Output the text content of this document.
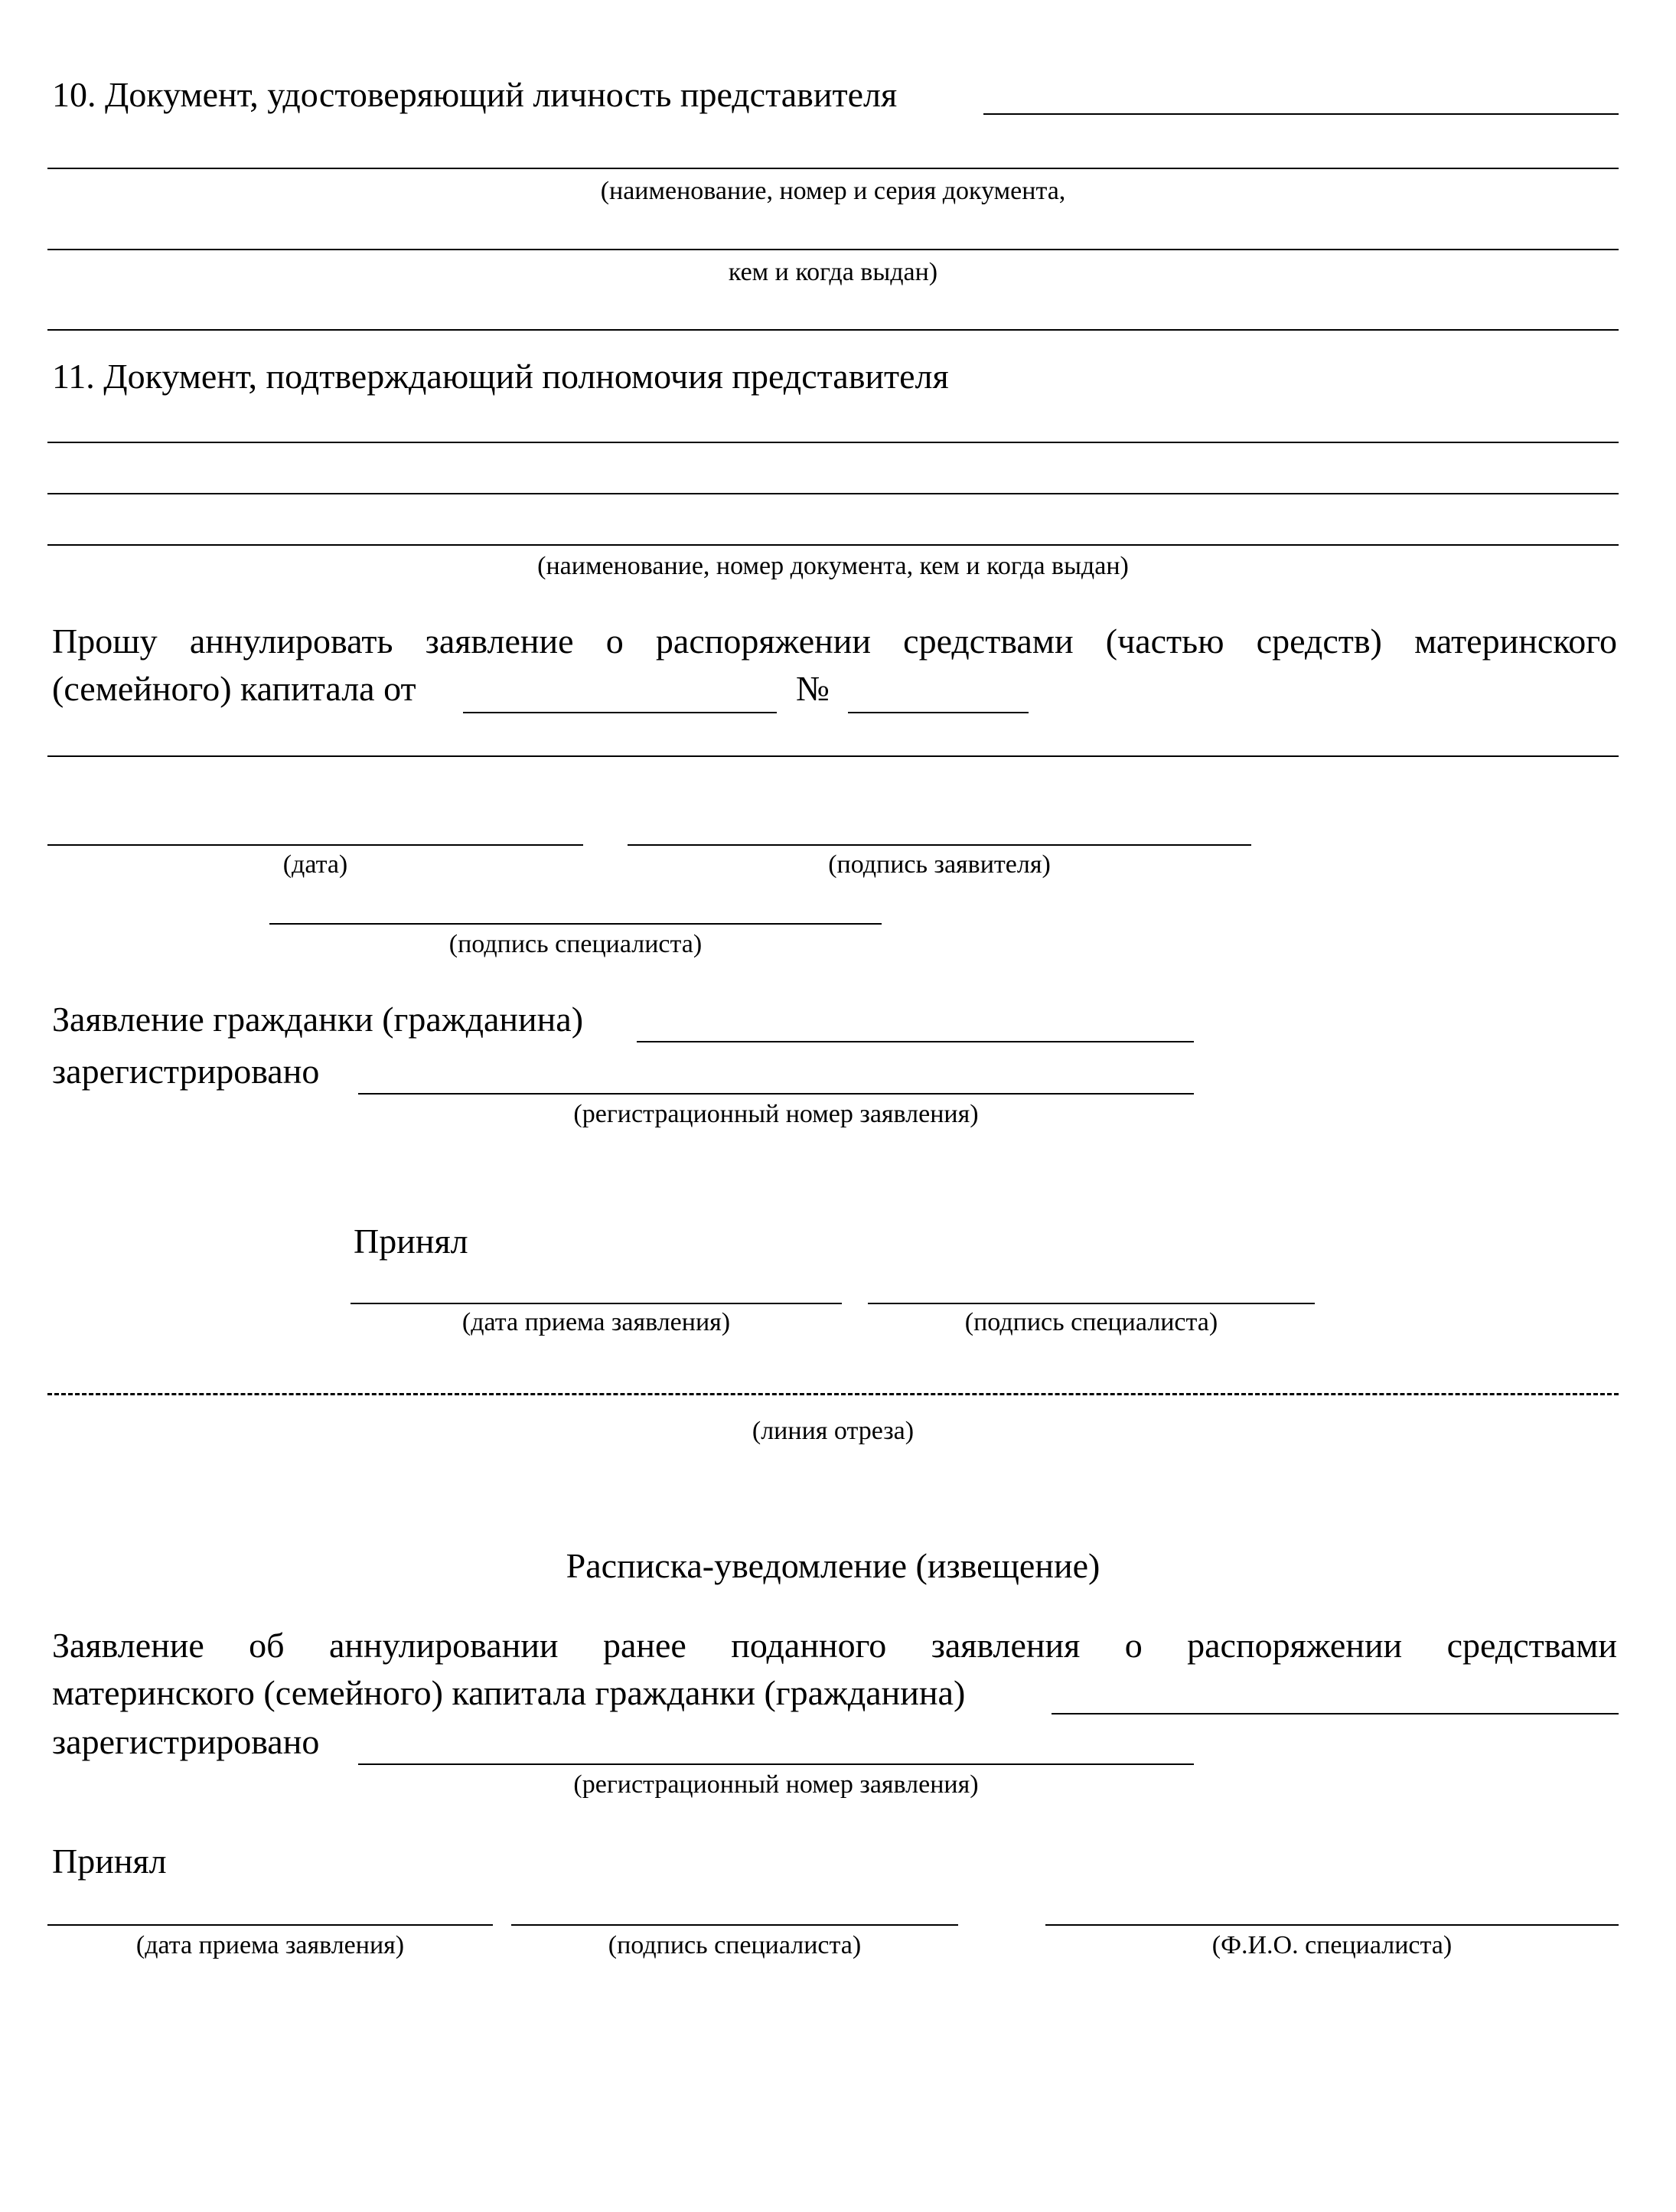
10. Документ, удостоверяющий личность представителя
(наименование, номер и серия документа,
кем и когда выдан)
11. Документ, подтверждающий полномочия представителя
(наименование, номер документа, кем и когда выдан)
Прошу аннулировать заявление о распоряжении средствами (частью средств) материнского
(семейного) капитала от	№
(дата)	(подпись заявителя)
(подпись специалиста)
Заявление гражданки (гражданина)
зарегистрировано
(регистрационный номер заявления)
Принял
(дата приема заявления)	(подпись специалиста)
(линия отреза)
Расписка-уведомление (извещение)
Заявление об аннулировании ранее поданного заявления о распоряжении средствами
материнского (семейного) капитала гражданки (гражданина)
зарегистрировано
(регистрационный номер заявления)
Принял
(дата приема заявления)	(подпись специалиста)	(Ф.И.О. специалиста)
